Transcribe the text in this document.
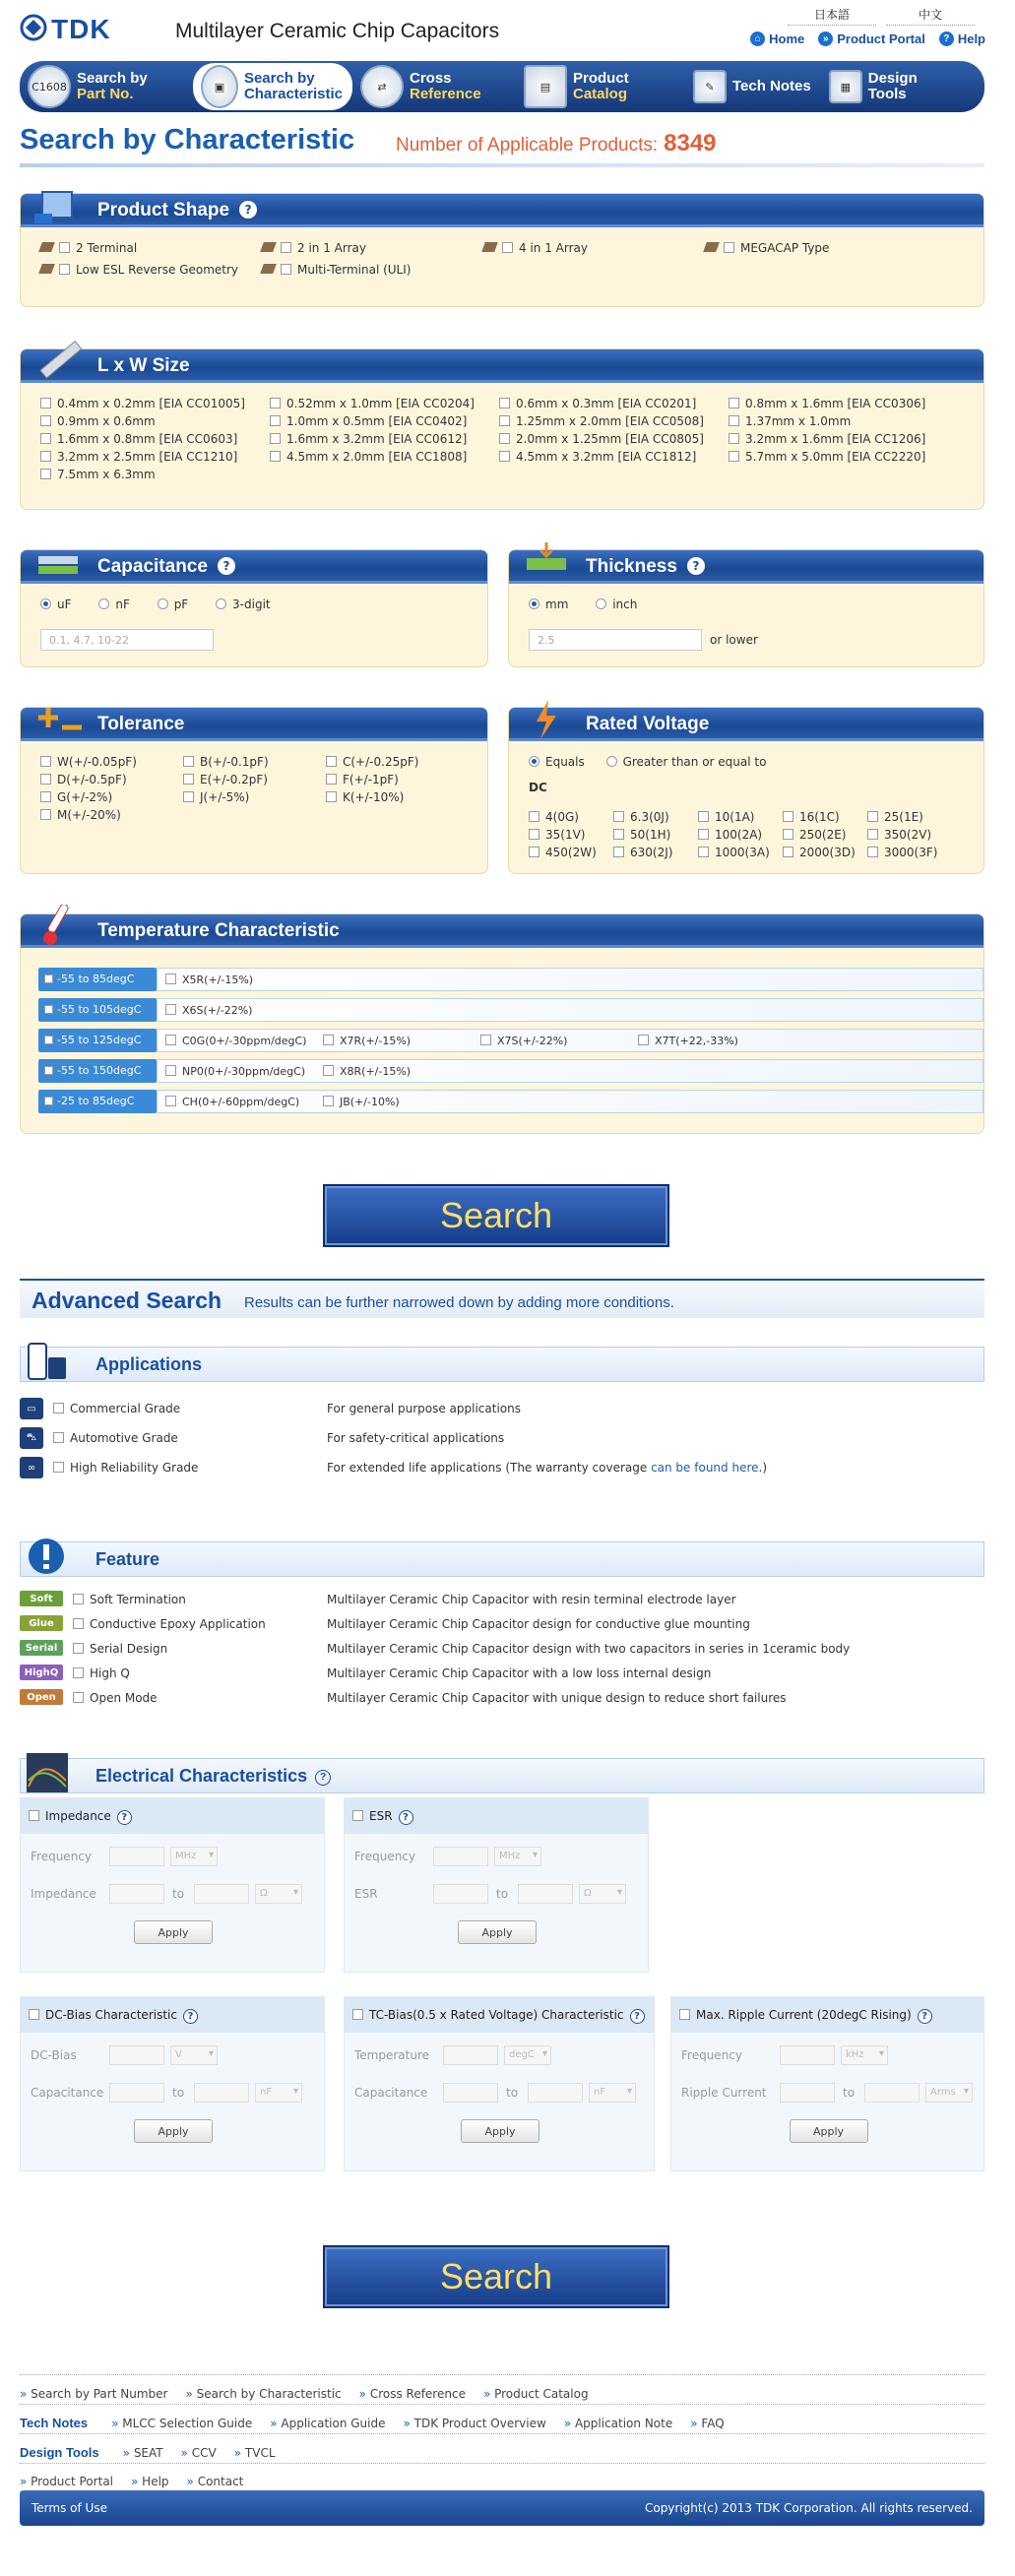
TDK	Multilayer Ceramic Chip Capacitors
日本語	中文
⌂ Home	» Product Portal	? Help
C1608 Search by
Part No.	▣	Search by
Characteristic	⇄	Cross
Reference	▤	Product
Catalog	✎	Tech Notes	▦	Design Tools
Search by Characteristic Number of Applicable Products: 8349
Product Shape ?
2 Terminal	2 in 1 Array	4 in 1 Array	MEGACAP Type
Low ESL Reverse Geometry	Multi-Terminal (ULI)
L x W Size
0.4mm x 0.2mm [EIA CC01005]	0.52mm x 1.0mm [EIA CC0204]	0.6mm x 0.3mm [EIA CC0201]	0.8mm x 1.6mm [EIA CC0306]
0.9mm x 0.6mm	1.0mm x 0.5mm [EIA CC0402]	1.25mm x 2.0mm [EIA CC0508]	1.37mm x 1.0mm
1.6mm x 0.8mm [EIA CC0603]	1.6mm x 3.2mm [EIA CC0612]	2.0mm x 1.25mm [EIA CC0805]	3.2mm x 1.6mm [EIA CC1206]
3.2mm x 2.5mm [EIA CC1210]	4.5mm x 2.0mm [EIA CC1808]	4.5mm x 3.2mm [EIA CC1812]	5.7mm x 5.0mm [EIA CC2220]
7.5mm x 6.3mm
Capacitance ?
uF	nF	pF	3-digit
0.1, 4.7, 10-22
Thickness ?
mm	inch
2.5	or lower
Tolerance
W(+/-0.05pF)	B(+/-0.1pF)	C(+/-0.25pF)
D(+/-0.5pF)	E(+/-0.2pF)	F(+/-1pF)
G(+/-2%)	J(+/-5%)	K(+/-10%)
M(+/-20%)
Rated Voltage
Equals	Greater than or equal to
DC
4(0G)	6.3(0J)	10(1A)	16(1C)	25(1E)
35(1V)	50(1H)	100(2A)	250(2E)	350(2V)
450(2W)	630(2J)	1000(3A)	2000(3D)	3000(3F)
Temperature Characteristic
-55 to 85degC	X5R(+/-15%)
-55 to 105degC	X6S(+/-22%)
-55 to 125degC	C0G(0+/-30ppm/degC)	X7R(+/-15%)	X7S(+/-22%)	X7T(+22,-33%)
-55 to 150degC	NP0(0+/-30ppm/degC)	X8R(+/-15%)
-25 to 85degC	CH(0+/-60ppm/degC)	JB(+/-10%)
Search
Advanced Search Results can be further narrowed down by adding more conditions.
Applications
▭	Commercial Grade	For general purpose applications
⛍	Automotive Grade	For safety-critical applications
∞	High Reliability Grade	For extended life applications (The warranty coverage can be found here.)
Feature
Soft	Soft Termination	Multilayer Ceramic Chip Capacitor with resin terminal electrode layer
Glue	Conductive Epoxy Application	Multilayer Ceramic Chip Capacitor design for conductive glue mounting
Serial	Serial Design	Multilayer Ceramic Chip Capacitor design with two capacitors in series in 1ceramic body
HighQ	High Q	Multilayer Ceramic Chip Capacitor with a low loss internal design
Open	Open Mode	Multilayer Ceramic Chip Capacitor with unique design to reduce short failures
Electrical Characteristics ?
Impedance ?
Frequency	MHz ▾
Impedance	to	Ω ▾
Apply
ESR ?
Frequency	MHz ▾
ESR	to	Ω ▾
Apply
DC-Bias Characteristic ?
DC-Bias	V ▾
Capacitance	to	nF ▾
Apply
TC-Bias(0.5 x Rated Voltage) Characteristic ?
Temperature	degC ▾
Capacitance	to	nF ▾
Apply
Max. Ripple Current (20degC Rising) ?
Frequency	kHz ▾
Ripple Current	to	Arms ▾
Apply
Search
» Search by Part Number	» Search by Characteristic	» Cross Reference	» Product Catalog
Tech Notes	» MLCC Selection Guide	» Application Guide	» TDK Product Overview	» Application Note	» FAQ
Design Tools	» SEAT	» CCV	» TVCL
» Product Portal	» Help	» Contact
Terms of Use	Copyright(c) 2013 TDK Corporation. All rights reserved.
